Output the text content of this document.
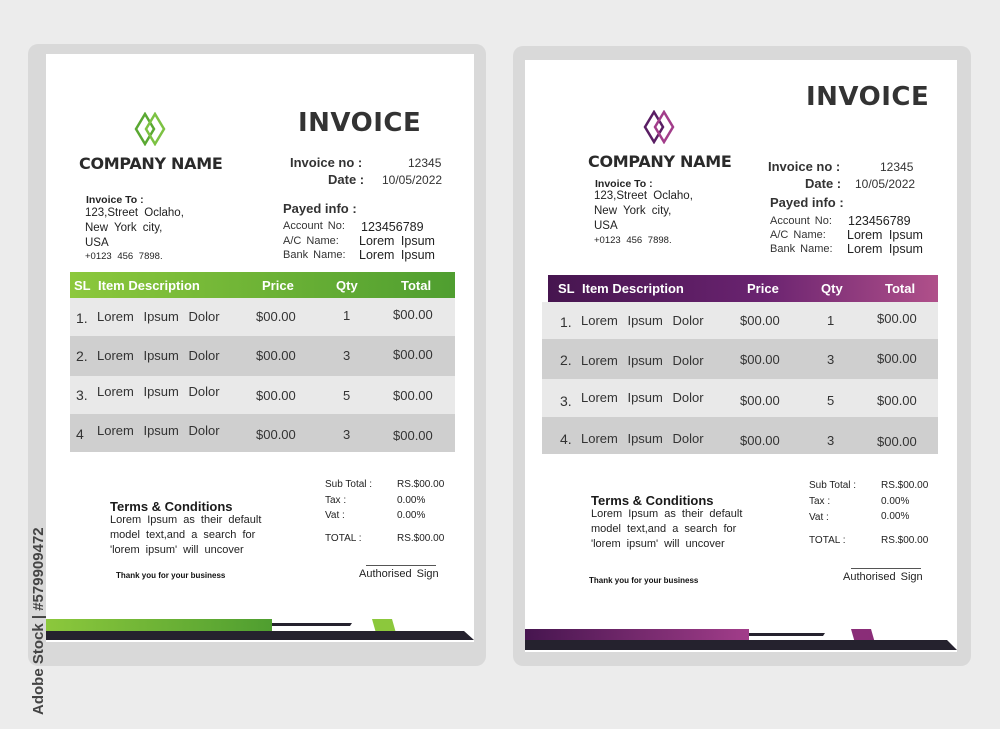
COMPANY NAME
INVOICE
Invoice no :	12345
Date : 10/05/2022
Invoice To :
123,Street Oclaho,
New York city,
USA
+0123 456 7898.
Payed info :
Account No: 123456789
A/C Name: Lorem Ipsum
Bank Name: Lorem Ipsum
SL Item Description	Price	Qty	Total
1. Lorem Ipsum Dolor	$00.00	1	$00.00
2. Lorem Ipsum Dolor	$00.00	3	$00.00
3. Lorem Ipsum Dolor	$00.00	5	$00.00
4 Lorem Ipsum Dolor	$00.00	3	$00.00
Terms & Conditions
Lorem Ipsum as their default
model text,and a search for
'lorem ipsum' will uncover
Thank you for your business
Sub Total : RS.$00.00
Tax :	0.00%
Vat :	0.00%
TOTAL :	RS.$00.00
Authorised Sign
COMPANY NAME
INVOICE
Invoice no :	12345
Date : 10/05/2022
Invoice To :
123,Street Oclaho,
New York city,
USA
+0123 456 7898.
Payed info :
Account No: 123456789
A/C Name: Lorem Ipsum
Bank Name: Lorem Ipsum
SL Item Description	Price	Qty	Total
1. Lorem Ipsum Dolor	$00.00	1	$00.00
2. Lorem Ipsum Dolor	$00.00	3	$00.00
3. Lorem Ipsum Dolor	$00.00	5	$00.00
4. Lorem Ipsum Dolor	$00.00	3	$00.00
Terms & Conditions
Lorem Ipsum as their default
model text,and a search for
'lorem ipsum' will uncover
Thank you for your business
Sub Total : RS.$00.00
Tax :	0.00%
Vat :	0.00%
TOTAL :	RS.$00.00
Authorised Sign
Adobe Stock | #579909472
